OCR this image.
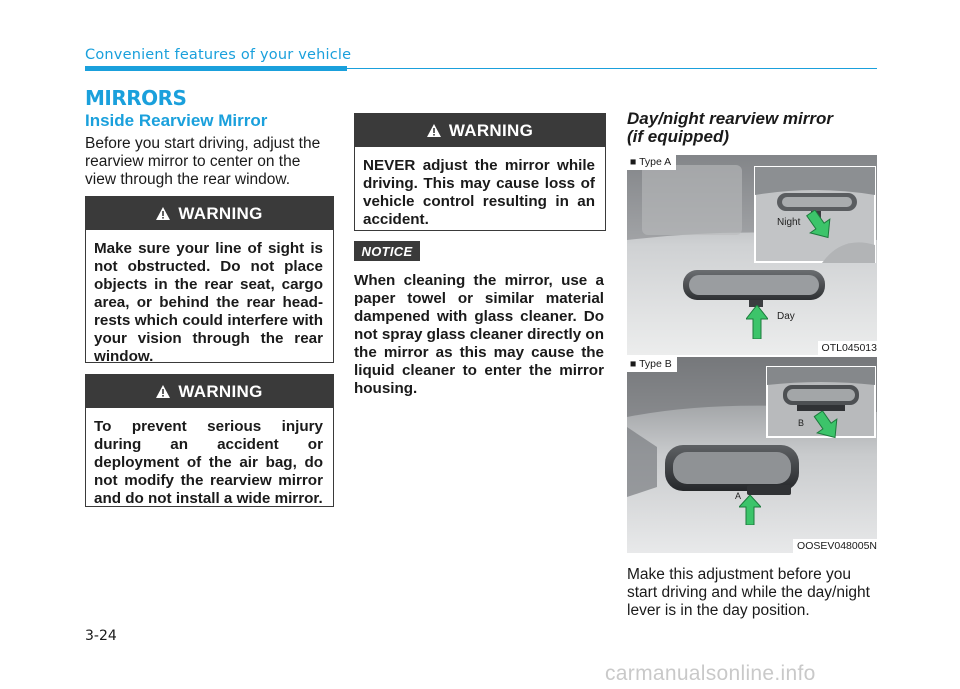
Convenient features of your vehicle
MIRRORS
Inside Rearview Mirror
Before you start driving, adjust the rearview mirror to center on the view through the rear window.
WARNING
Make sure your line of sight is not obstructed. Do not place objects in the rear seat, cargo area, or behind the rear head-rests which could interfere with your vision through the rear window.
WARNING
To prevent serious injury during an accident or deployment of the air bag, do not modify the rearview mirror and do not install a wide mirror.
WARNING
NEVER adjust the mirror while driving. This may cause loss of vehicle control resulting in an accident.
NOTICE
When cleaning the mirror, use a paper towel or similar material dampened with glass cleaner. Do not spray glass cleaner directly on the mirror as this may cause the liquid cleaner to enter the mirror housing.
Day/night rearview mirror
(if equipped)
■ Type A
Night
Day
OTL045013
■ Type B
B
A
OOSEV048005N
Make this adjustment before you start driving and while the day/night lever is in the day position.
3-24
carmanualsonline.info
